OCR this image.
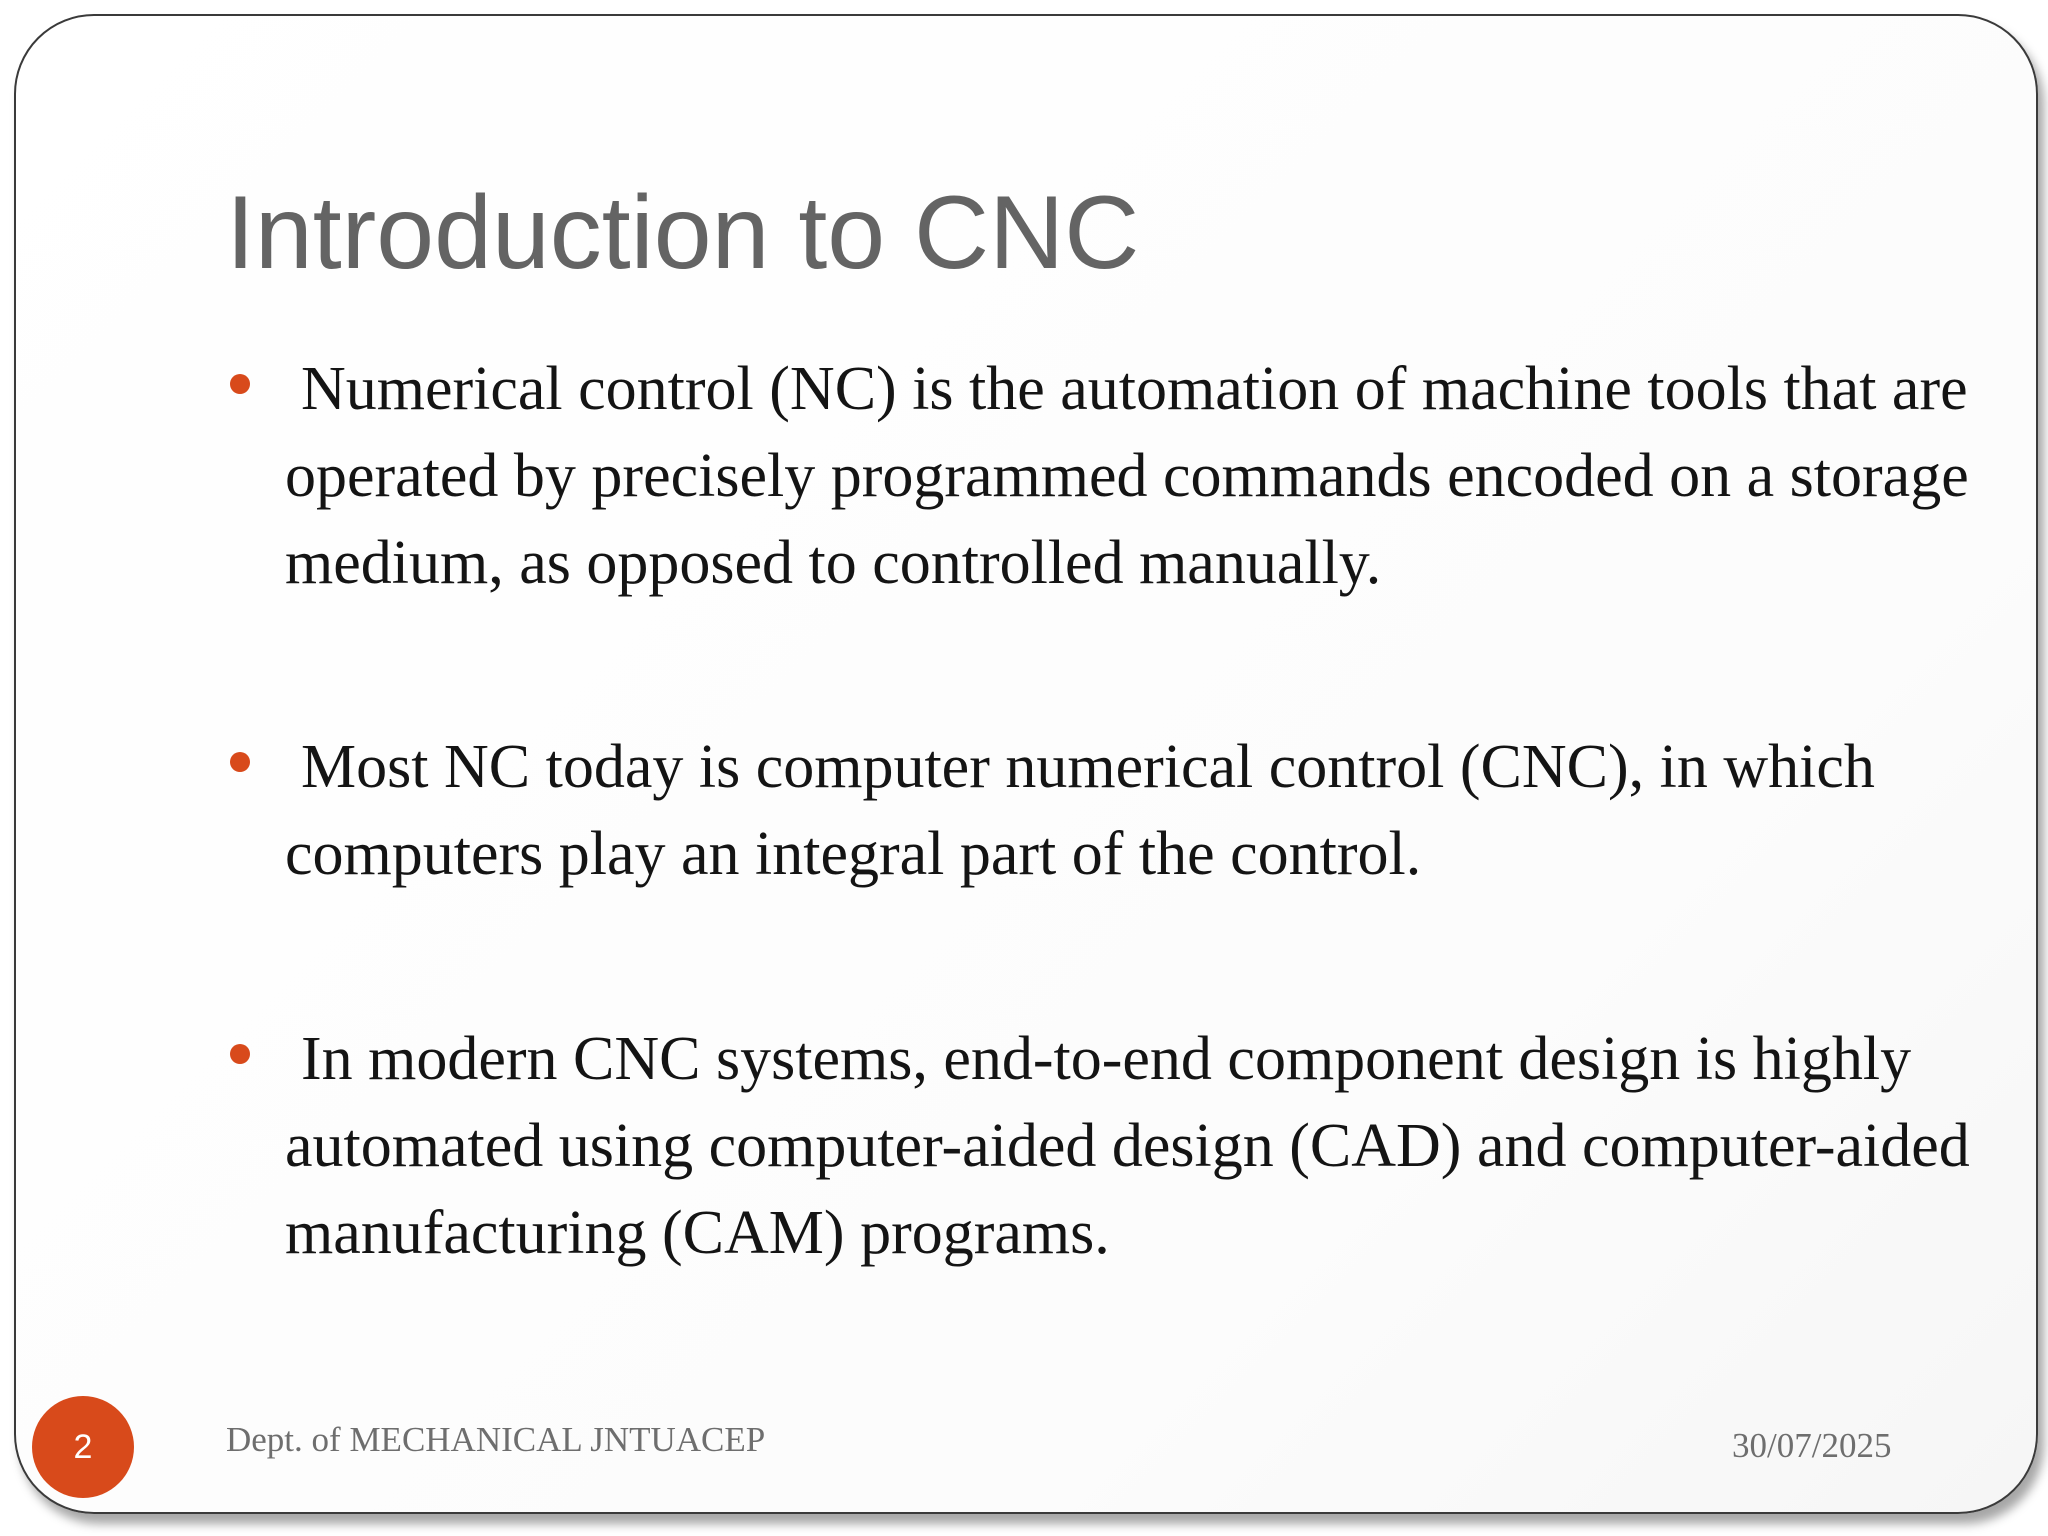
Introduction to CNC
Numerical control (NC) is the automation of machine tools that are operated by precisely programmed commands encoded on a storage medium, as opposed to controlled manually.
Most NC today is computer numerical control (CNC), in which computers play an integral part of the control.
In modern CNC systems, end-to-end component design is highly automated using computer-aided design (CAD) and computer-aided manufacturing (CAM) programs.
2	Dept. of MECHANICAL JNTUACEP	30/07/2025
